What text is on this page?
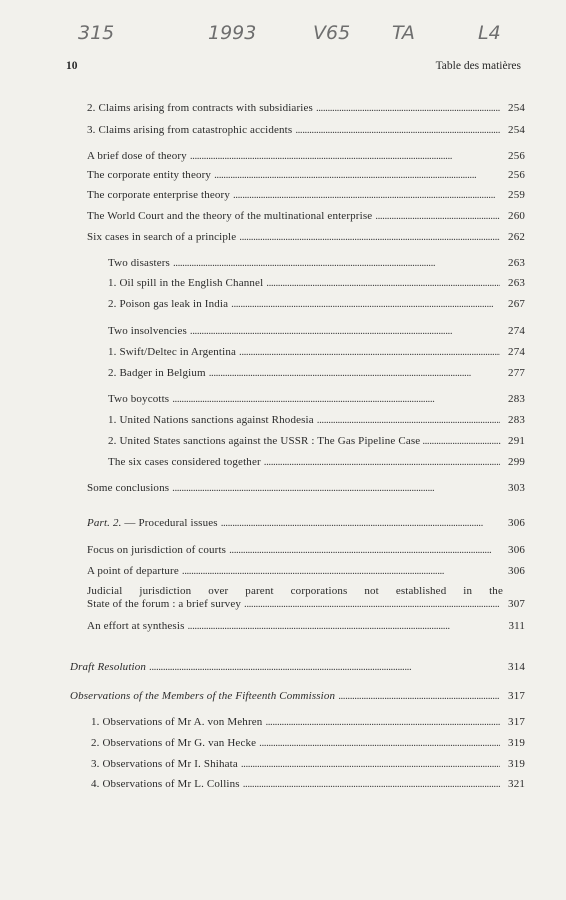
315	1993	V65 TA	L4
10	Table des matières
2. Claims arising from contracts with subsidiaries . . .	254
3. Claims arising from catastrophic accidents . . .	254
A brief dose of theory . . .	256
The corporate entity theory . . .	256
The corporate enterprise theory . . .	259
The World Court and the theory of the multinational enterprise . . .	260
Six cases in search of a principle . . .	262
Two disasters . . .	263
1. Oil spill in the English Channel . . .	263
2. Poison gas leak in India . . .	267
Two insolvencies . . .	274
1. Swift/Deltec in Argentina . . .	274
2. Badger in Belgium . . .	277
Two boycotts . . .	283
1. United Nations sanctions against Rhodesia . . .	283
2. United States sanctions against the USSR : The Gas Pipeline Case . . .	291
The six cases considered together . . .	299
Some conclusions . . .	303
Part. 2. — Procedural issues . . .	306
Focus on jurisdiction of courts . . .	306
A point of departure . . .	306
Judicial jurisdiction over parent corporations not established in the
State of the forum : a brief survey . . .	307
An effort at synthesis . . .	311
Draft Resolution . . .	314
Observations of the Members of the Fifteenth Commission . . .	317
1. Observations of Mr A. von Mehren . . .	317
2. Observations of Mr G. van Hecke . . .	319
3. Observations of Mr I. Shihata . . .	319
4. Observations of Mr L. Collins . . .	321
